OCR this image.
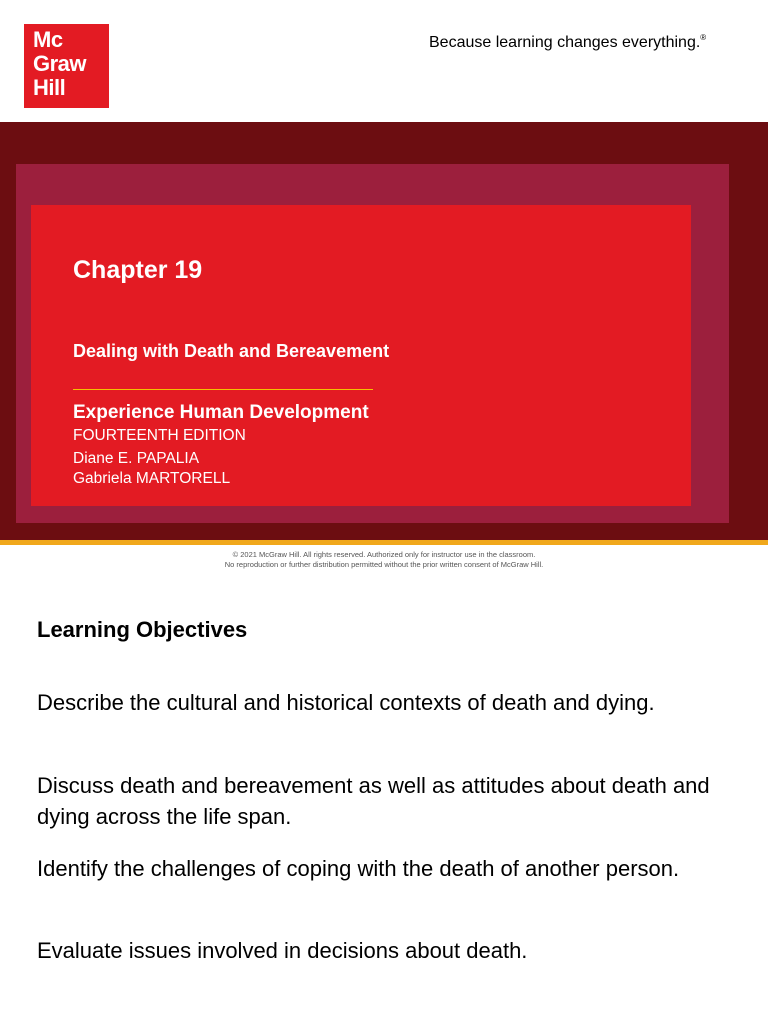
Mc
Graw
Hill
Because learning changes everything.®
Chapter 19
Dealing with Death and Bereavement
Experience Human Development
FOURTEENTH EDITION
Diane E. PAPALIA
Gabriela MARTORELL
© 2021 McGraw Hill. All rights reserved. Authorized only for instructor use in the classroom.
No reproduction or further distribution permitted without the prior written consent of McGraw Hill.
Learning Objectives
Describe the cultural and historical contexts of death and dying.
Discuss death and bereavement as well as attitudes about death and dying across the life span.
Identify the challenges of coping with the death of another person.
Evaluate issues involved in decisions about death.
